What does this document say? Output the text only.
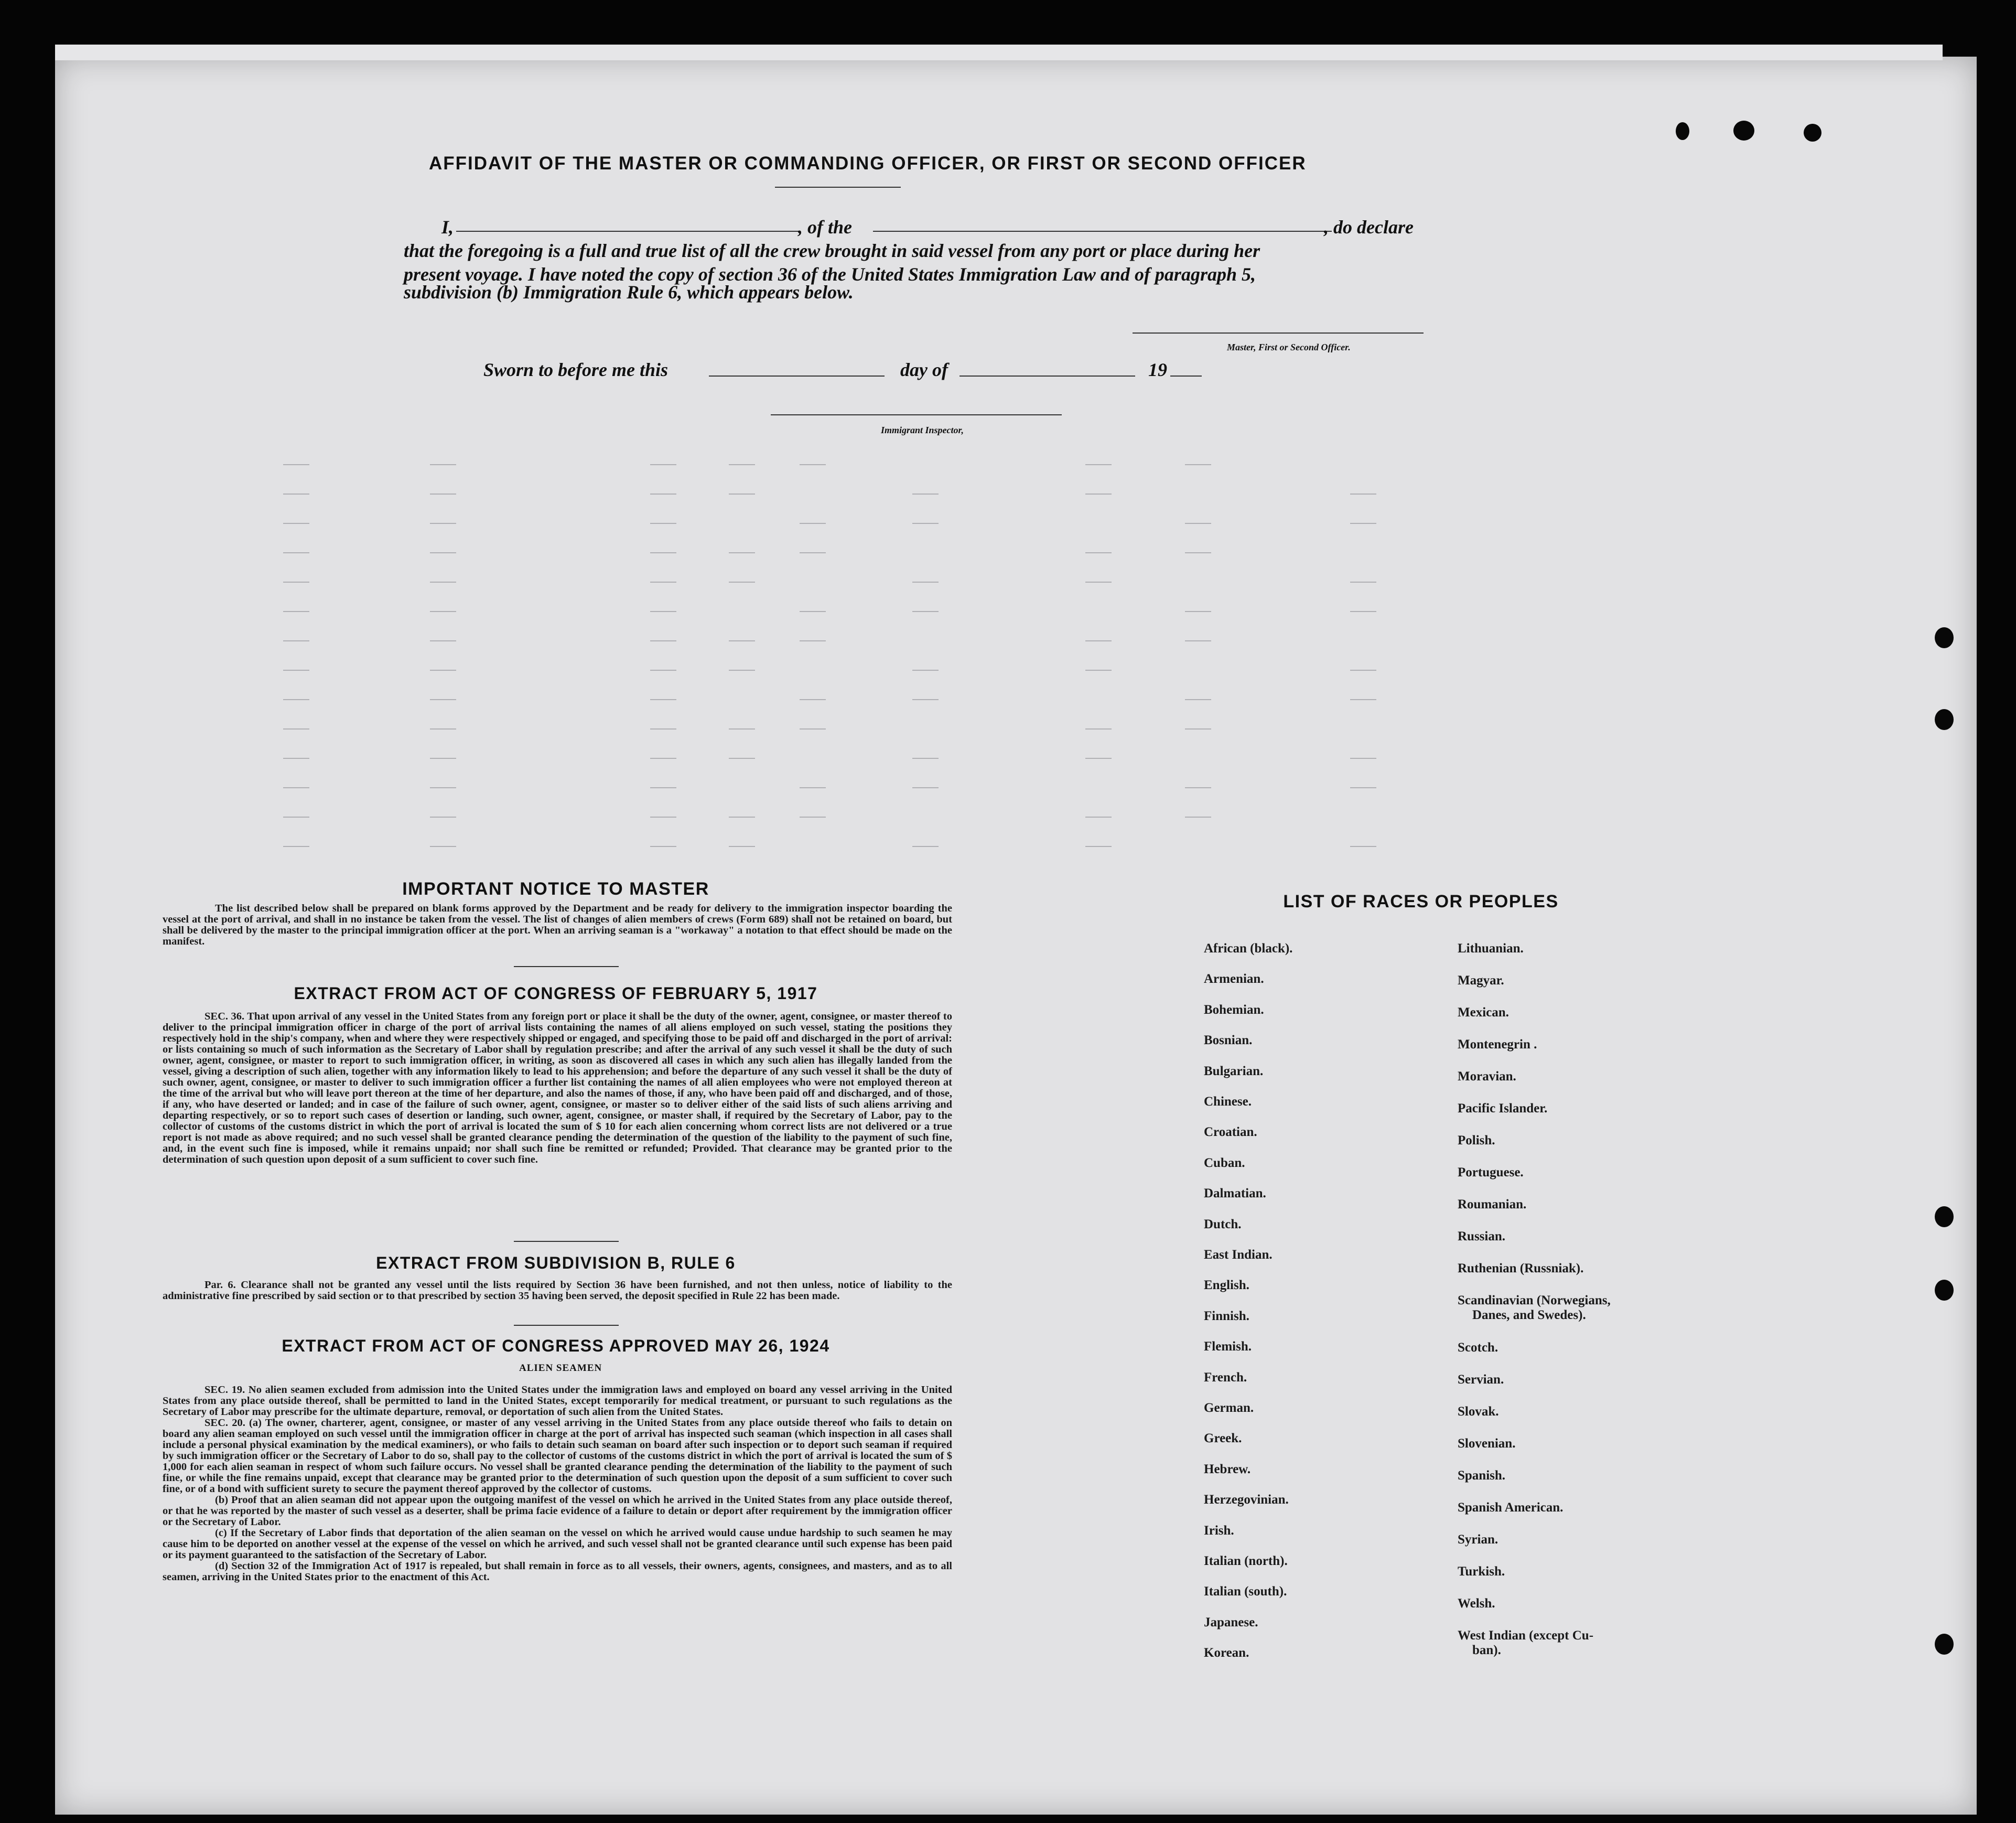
AFFIDAVIT OF THE MASTER OR COMMANDING OFFICER, OR FIRST OR SECOND OFFICER
I,	, of the	, do declare
that the foregoing is a full and true list of all the crew brought in said vessel from any port or place during her
present voyage. I have noted the copy of section 36 of the United States Immigration Law and of paragraph 5,
subdivision (b) Immigration Rule 6, which appears below.
Master, First or Second Officer.
Sworn to before me this	day of	19
Immigrant Inspector,
IMPORTANT NOTICE TO MASTER
The list described below shall be prepared on blank forms approved by the Department and be ready for delivery to the immigration inspector boarding the vessel at the port of arrival, and shall in no instance be taken from the vessel. The list of changes of alien members of crews (Form 689) shall not be retained on board, but shall be delivered by the master to the principal immigration officer at the port. When an arriving seaman is a "workaway" a notation to that effect should be made on the manifest.
EXTRACT FROM ACT OF CONGRESS OF FEBRUARY 5, 1917
SEC. 36. That upon arrival of any vessel in the United States from any foreign port or place it shall be the duty of the owner, agent, consignee, or master thereof to deliver to the principal immigration officer in charge of the port of arrival lists containing the names of all aliens employed on such vessel, stating the positions they respectively hold in the ship's company, when and where they were respectively shipped or engaged, and specifying those to be paid off and discharged in the port of arrival: or lists containing so much of such information as the Secretary of Labor shall by regulation prescribe; and after the arrival of any such vessel it shall be the duty of such owner, agent, consignee, or master to report to such immigration officer, in writing, as soon as discovered all cases in which any such alien has illegally landed from the vessel, giving a description of such alien, together with any information likely to lead to his apprehension; and before the departure of any such vessel it shall be the duty of such owner, agent, consignee, or master to deliver to such immigration officer a further list containing the names of all alien employees who were not employed thereon at the time of the arrival but who will leave port thereon at the time of her departure, and also the names of those, if any, who have been paid off and discharged, and of those, if any, who have deserted or landed; and in case of the failure of such owner, agent, consignee, or master so to deliver either of the said lists of such aliens arriving and departing respectively, or so to report such cases of desertion or landing, such owner, agent, consignee, or master shall, if required by the Secretary of Labor, pay to the collector of customs of the customs district in which the port of arrival is located the sum of $ 10 for each alien concerning whom correct lists are not delivered or a true report is not made as above required; and no such vessel shall be granted clearance pending the determination of the question of the liability to the payment of such fine, and, in the event such fine is imposed, while it remains unpaid; nor shall such fine be remitted or refunded; Provided. That clearance may be granted prior to the determination of such question upon deposit of a sum sufficient to cover such fine.
EXTRACT FROM SUBDIVISION B, RULE 6
Par. 6. Clearance shall not be granted any vessel until the lists required by Section 36 have been furnished, and not then unless, notice of liability to the administrative fine prescribed by said section or to that prescribed by section 35 having been served, the deposit specified in Rule 22 has been made.
EXTRACT FROM ACT OF CONGRESS APPROVED MAY 26, 1924
ALIEN SEAMEN
SEC. 19. No alien seamen excluded from admission into the United States under the immigration laws and employed on board any vessel arriving in the United States from any place outside thereof, shall be permitted to land in the United States, except temporarily for medical treatment, or pursuant to such regulations as the Secretary of Labor may prescribe for the ultimate departure, removal, or deportation of such alien from the United States.
SEC. 20. (a) The owner, charterer, agent, consignee, or master of any vessel arriving in the United States from any place outside thereof who fails to detain on board any alien seaman employed on such vessel until the immigration officer in charge at the port of arrival has inspected such seaman (which inspection in all cases shall include a personal physical examination by the medical examiners), or who fails to detain such seaman on board after such inspection or to deport such seaman if required by such immigration officer or the Secretary of Labor to do so, shall pay to the collector of customs of the customs district in which the port of arrival is located the sum of $ 1,000 for each alien seaman in respect of whom such failure occurs. No vessel shall be granted clearance pending the determination of the liability to the payment of such fine, or while the fine remains unpaid, except that clearance may be granted prior to the determination of such question upon the deposit of a sum sufficient to cover such fine, or of a bond with sufficient surety to secure the payment thereof approved by the collector of customs.
(b) Proof that an alien seaman did not appear upon the outgoing manifest of the vessel on which he arrived in the United States from any place outside thereof, or that he was reported by the master of such vessel as a deserter, shall be prima facie evidence of a failure to detain or deport after requirement by the immigration officer or the Secretary of Labor.
(c) If the Secretary of Labor finds that deportation of the alien seaman on the vessel on which he arrived would cause undue hardship to such seamen he may cause him to be deported on another vessel at the expense of the vessel on which he arrived, and such vessel shall not be granted clearance until such expense has been paid or its payment guaranteed to the satisfaction of the Secretary of Labor.
(d) Section 32 of the Immigration Act of 1917 is repealed, but shall remain in force as to all vessels, their owners, agents, consignees, and masters, and as to all seamen, arriving in the United States prior to the enactment of this Act.
LIST OF RACES OR PEOPLES
African (black).
Armenian.
Bohemian.
Bosnian.
Bulgarian.
Chinese.
Croatian.
Cuban.
Dalmatian.
Dutch.
East Indian.
English.
Finnish.
Flemish.
French.
German.
Greek.
Hebrew.
Herzegovinian.
Irish.
Italian (north).
Italian (south).
Japanese.
Korean.
Lithuanian.
Magyar.
Mexican.
Montenegrin .
Moravian.
Pacific Islander.
Polish.
Portuguese.
Roumanian.
Russian.
Ruthenian (Russniak).
Scandinavian (Norwegians,
Danes, and Swedes).
Scotch.
Servian.
Slovak.
Slovenian.
Spanish.
Spanish American.
Syrian.
Turkish.
Welsh.
West Indian (except Cu-
ban).
